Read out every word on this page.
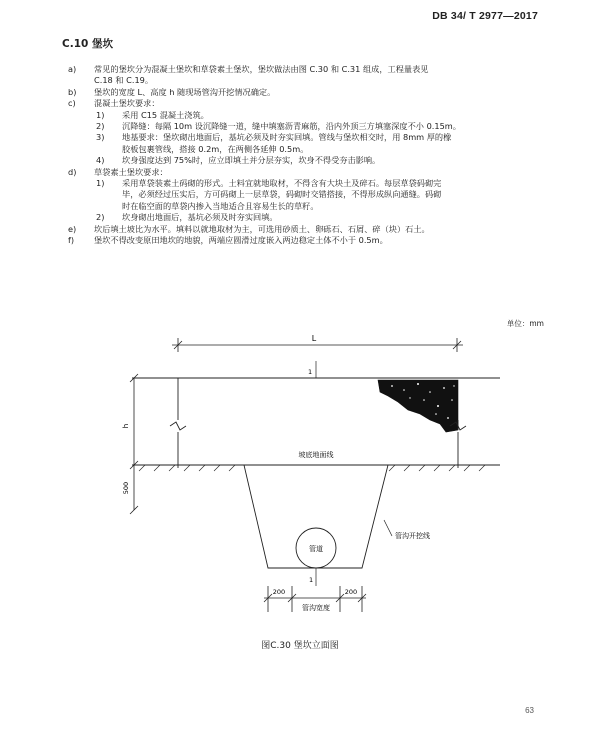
DB 34/ T 2977—2017
C.10 堡坎
a)	常见的堡坎分为混凝土堡坎和草袋素土堡坎，堡坎做法由图 C.30 和 C.31 组成，工程量表见
C.18 和 C.19。
b)	堡坎的宽度 L、高度 h 随现场管沟开挖情况确定。
c)	混凝土堡坎要求：
1)	采用 C15 混凝土浇筑。
2)	沉降缝：每隔 10m 设沉降缝一道，缝中填塞沥青麻筋，沿内外顶三方填塞深度不小 0.15m。
3)	地基要求：堡坎砌出地面后，基坑必须及时夯实回填。管线与堡坎相交时，用 8mm 厚的橡
胶板包裹管线，搭接 0.2m，在两侧各延伸 0.5m。
4)	坎身强度达到 75%时，应立即填土并分层夯实，坎身不得受夯击影响。
d)	草袋素土堡坎要求：
1)	采用草袋装素土码砌的形式。土料宜就地取材，不得含有大块土及碎石。每层草袋码砌完
毕，必须经过压实后，方可码砌上一层草袋，码砌时交错搭接，不得形成纵向通缝。码砌
时在临空面的草袋内掺入当地适合且容易生长的草籽。
2)	坎身砌出地面后，基坑必须及时夯实回填。
e)	坎后填土坡比为水平。填料以就地取材为主，可选用砂质土、卵砾石、石屑、碎（块）石土。
f)	堡坎不得改变原田地坎的地貌，两端应圆滑过度嵌入两边稳定土体不小于 0.5m。
单位：mm
L
1
h
坡底地面线
500
管沟开挖线
管道
1
200	200
管沟宽度
图C.30 堡坎立面图
63
